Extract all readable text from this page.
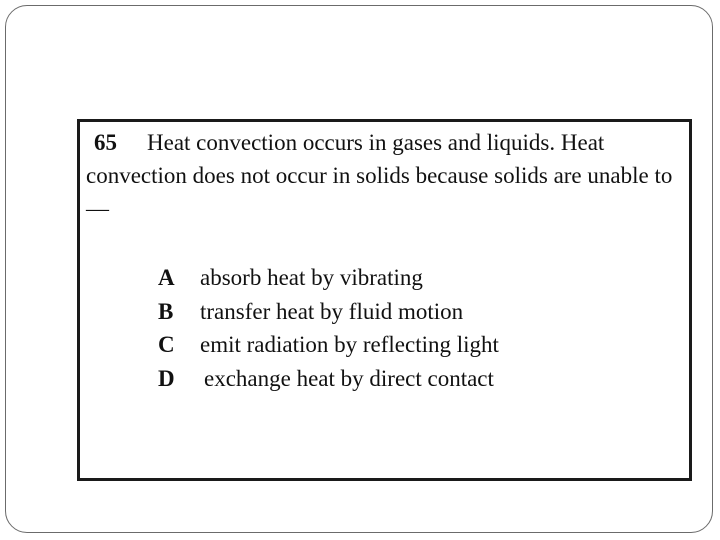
65 Heat convection occurs in gases and liquids. Heat convection does not occur in solids because solids are unable to —

A absorb heat by vibrating
B transfer heat by fluid motion
C emit radiation by reflecting light
D exchange heat by direct contact
